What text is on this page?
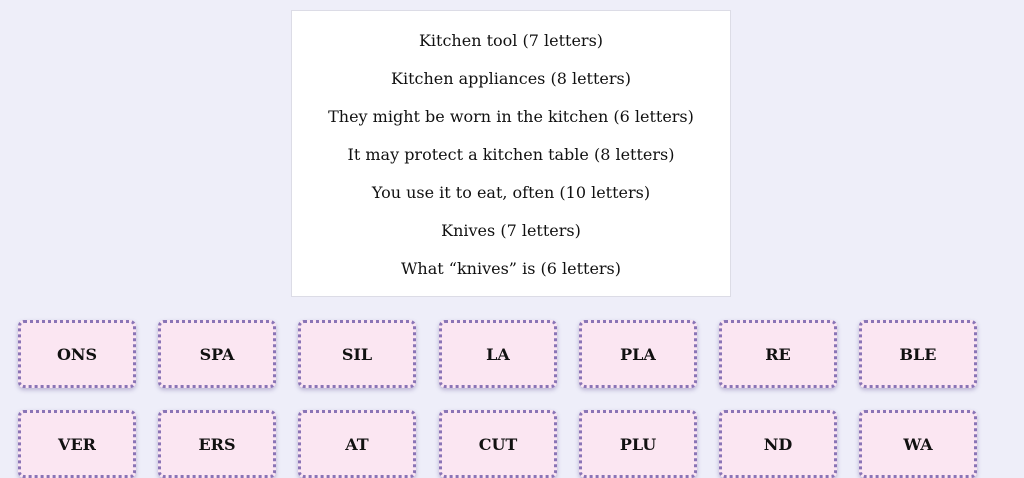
Kitchen tool (7 letters)
Kitchen appliances (8 letters)
They might be worn in the kitchen (6 letters)
It may protect a kitchen table (8 letters)
You use it to eat, often (10 letters)
Knives (7 letters)
What “knives” is (6 letters)
ONS	SPA	SIL	LA	PLA	RE	BLE
VER	ERS	AT	CUT	PLU	ND	WA
